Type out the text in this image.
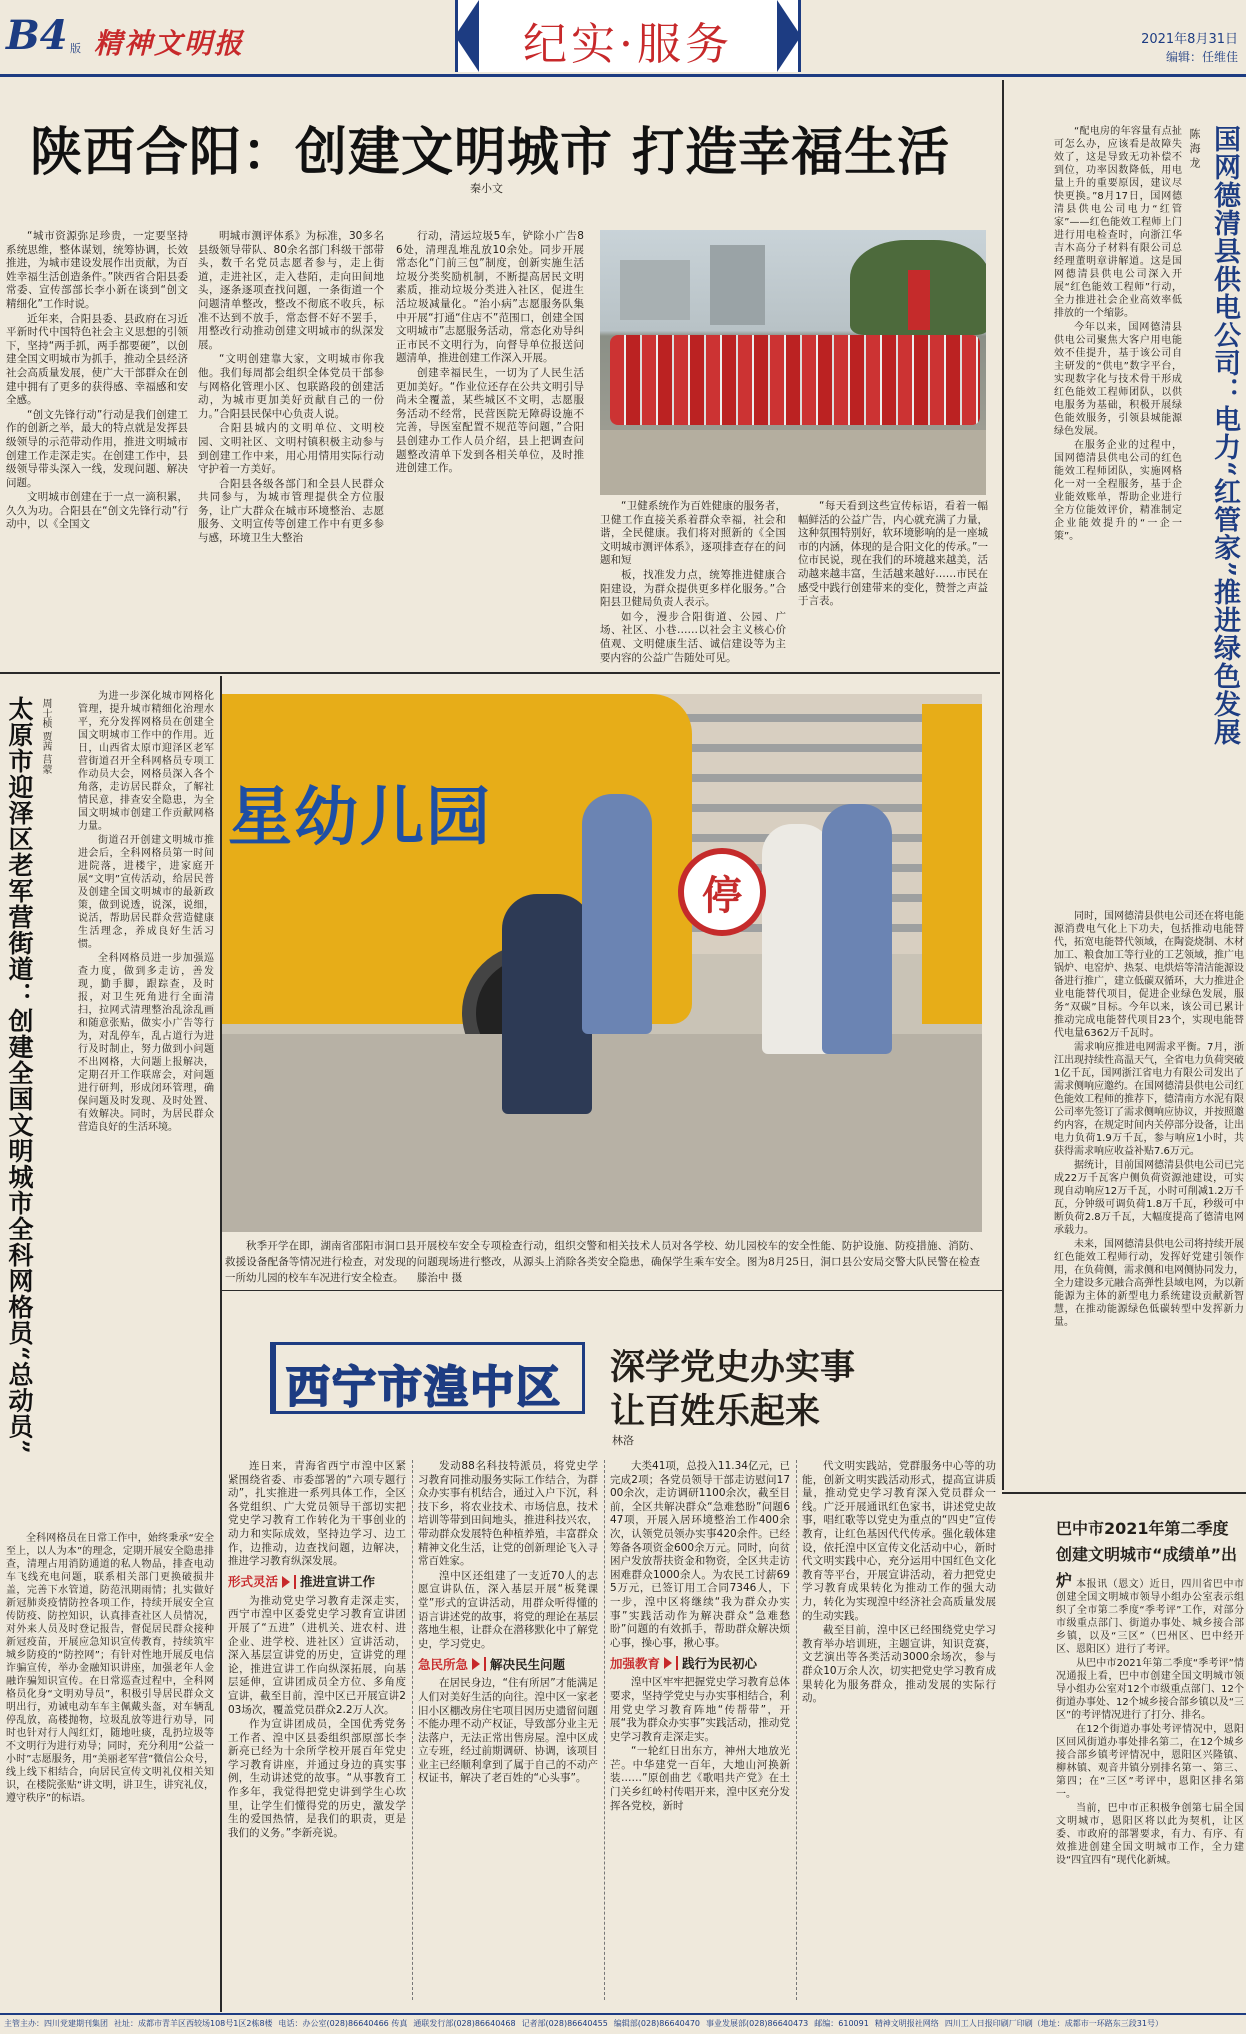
B4 版 精神文明报	纪实·服务	2021年8月31日
编辑：任维佳
陕西合阳：创建文明城市 打造幸福生活
秦小文

“城市资源弥足珍贵，一定要坚持系统思维，整体谋划，统筹协调，长效推进，为城市建设发展作出贡献，为百姓幸福生活创造条件。”陕西省合阳县委常委、宣传部部长李小新在谈到“创文精细化”工作时说。

近年来，合阳县委、县政府在习近平新时代中国特色社会主义思想的引领下，坚持“两手抓，两手都要硬”，以创建全国文明城市为抓手，推动全县经济社会高质量发展，使广大干部群众在创建中拥有了更多的获得感、幸福感和安全感。

“创文先锋行动”行动是我们创建工作的创新之举，最大的特点就是发挥县级领导的示范带动作用，推进文明城市创建工作走深走实。在创建工作中，县级领导带头深入一线，发现问题、解决问题。

文明城市创建在于一点一滴积累，久久为功。合阳县在“创文先锋行动”行动中，以《全国文

明城市测评体系》为标准，30多名县级领导带队、80余名部门科级干部带头，数千名党员志愿者参与，走上街道，走进社区，走入巷陌，走向田间地头，逐条逐项查找问题，一条街道一个问题清单整改，整改不彻底不收兵，标准不达到不放手，常态督不好不罢手，用整改行动推动创建文明城市的纵深发展。

“文明创建靠大家，文明城市你我他。我们每周都会组织全体党员干部参与网格化管理小区、包联路段的创建活动，为城市更加美好贡献自己的一份力。”合阳县民保中心负责人说。

合阳县城内的文明单位、文明校园、文明社区、文明村镇积极主动参与到创建工作中来，用心用情用实际行动守护着一方美好。

合阳县各级各部门和全县人民群众共同参与，为城市管理提供全方位服务，让广大群众在城市环境整治、志愿服务、文明宣传等创建工作中有更多参与感，环境卫生大整治

行动，清运垃圾5车，铲除小广告86处，清理乱堆乱放10余处。同步开展常态化“门前三包”制度，创新实施生活垃圾分类奖励机制，不断提高居民文明素质，推动垃圾分类进入社区，促进生活垃圾减量化。“治小病”志愿服务队集中开展“打通“住店不”范围口，创建全国文明城市”志愿服务活动，常态化劝导纠正市民不文明行为，向督导单位报送问题清单，推进创建工作深入开展。

创建幸福民生，一切为了人民生活更加美好。“作业位还存在公共文明引导尚未全覆盖，某些城区不文明，志愿服务活动不经常，民营医院无障碍设施不完善，导医室配置不规范等问题，”合阳县创建办工作人员介绍，县上把调查问题整改清单下发到各相关单位，及时推进创建工作。

“卫健系统作为百姓健康的服务者，卫健工作直接关系着群众幸福，社会和谐，全民健康。我们将对照新的《全国文明城市测评体系》，逐项排查存在的问题和短

板，找准发力点，统筹推进健康合阳建设，为群众提供更多样化服务。”合阳县卫健局负责人表示。

如今，漫步合阳街道、公园、广场、社区、小巷……以社会主义核心价值观、文明健康生活、诚信建设等为主要内容的公益广告随处可见。

“每天看到这些宣传标语，看着一幅幅鲜活的公益广告，内心就充满了力量，这种氛围特别好，软环境影响的是一座城市的内涵，体现的是合阳文化的传承。”一位市民说，现在我们的环境越来越美，活动越来越丰富，生活越来越好……市民在感受中践行创建带来的变化，赞誉之声益于言表。	国网德清县供电公司：电力“红管家”推进绿色发展
陈 海 龙

“配电房的年容量有点扯可怎么办，应该看是故障失效了，这是导致无功补偿不到位，功率因数降低，用电量上升的重要原因，建议尽快更换。”8月17日，国网德清县供电公司电力“红管家”——红色能效工程师上门进行用电检查时，向浙江华吉木高分子材料有限公司总经理董明章讲解道。这是国网德清县供电公司深入开展“红色能效工程师”行动，全力推进社会企业高效率低排放的一个缩影。

今年以来，国网德清县供电公司聚焦大客户用电能效不佳提升，基于该公司自主研发的“供电”数字平台，实现数字化与技术骨干形成红色能效工程师团队，以供电服务为基础，积极开展绿色能效服务，引领县城能源绿色发展。

在服务企业的过程中，国网德清县供电公司的红色能效工程师团队，实施网格化一对一全程服务，基于企业能效账单，帮助企业进行全方位能效评价，精准制定企业能效提升的“一企一策”。

同时，国网德清县供电公司还在将电能源消费电气化上下功夫，包括推动电能替代，拓宽电能替代领域，在陶瓷烧制、木材加工、粮食加工等行业的工艺领域，推广电锅炉、电窑炉、热泵、电烘焙等清洁能源设备进行推广，建立低碳双循环，大力推进企业电能替代项目，促进企业绿色发展，服务“双碳”目标。今年以来，该公司已累计推动完成电能替代项目23个，实现电能替代电量6362万千瓦时。

需求响应推进电网需求平衡。7月，浙江出现持续性高温天气，全省电力负荷突破1亿千瓦，国网浙江省电力有限公司发出了需求侧响应邀约。在国网德清县供电公司红色能效工程师的推荐下，德清南方水泥有限公司率先签订了需求侧响应协议，并按照邀约内容，在规定时间内关停部分设备，让出电力负荷1.9万千瓦，参与响应1小时，共获得需求响应收益补贴7.6万元。

据统计，目前国网德清县供电公司已完成22万千瓦客户侧负荷资源池建设，可实现自动响应12万千瓦，小时可削减1.2万千瓦，分钟级可调负荷1.8万千瓦，秒级可中断负荷2.8万千瓦，大幅度提高了德清电网承载力。

未来，国网德清县供电公司将持续开展红色能效工程师行动，发挥好党建引领作用，在负荷侧，需求侧和电网侧协同发力，全力建设多元融合高弹性县域电网，为以新能源为主体的新型电力系统建设贡献新智慧，在推动能源绿色低碳转型中发挥新力量。

巴中市2021年第二季度创建文明城市“成绩单”出炉 本报讯（恩文）近日，四川省巴中市创建全国文明城市领导小组办公室表示组织了全市第二季度“季考评”工作，对部分市级重点部门、街道办事处、城乡接合部乡镇，以及“三区”（巴州区、巴中经开区、恩阳区）进行了考评。

从巴中市2021年第二季度“季考评”情况通报上看，巴中市创建全国文明城市领导小组办公室对12个市级重点部门、12个街道办事处、12个城乡接合部乡镇以及“三区”的考评情况进行了打分、排名。

在12个街道办事处考评情况中，恩阳区回风街道办事处排名第二，在12个城乡接合部乡镇考评情况中，恩阳区兴隆镇、柳林镇、观音井镇分别排名第一、第三、第四；在“三区”考评中，恩阳区排名第一。

当前，巴中市正积极争创第七届全国文明城市，恩阳区将以此为契机，让区委、市政府的部署要求，有力、有序、有效推进创建全国文明城市工作，全力建设“四宜四有”现代化新城。

太原市迎泽区老军营街道：创建全国文明城市全科网格员“总动员” 周士桢 贾茜 莒蒙

为进一步深化城市网格化管理，提升城市精细化治理水平，充分发挥网格员在创建全国文明城市工作中的作用。近日，山西省太原市迎泽区老军营街道召开全科网格员专项工作动员大会，网格员深入各个角落，走访居民群众，了解社情民意，排查安全隐患，为全国文明城市创建工作贡献网格力量。

街道召开创建文明城市推进会后，全科网格员第一时间进院落，进楼宇，进家庭开展“文明”宣传活动，给居民普及创建全国文明城市的最新政策，做到说透，说深，说细，说活，帮助居民群众营造健康生活理念，养成良好生活习惯。

全科网格员进一步加强巡查力度，做到多走访，善发现，勤手脚，跟踪查，及时报，对卫生死角进行全面清扫，拉网式清理整治乱涂乱画和随意张贴，做实小广告等行为，对乱停车，乱占道行为进行及时制止，努力做到小问题不出网格，大问题上报解决，定期召开工作联席会，对问题进行研判，形成闭环管理，确保问题及时发现、及时处置、有效解决。同时，为居民群众营造良好的生活环境。

全科网格员在日常工作中，始终秉承“安全至上，以人为本”的理念，定期开展安全隐患排查，清理占用消防通道的私人物品，排查电动车飞线充电问题，联系相关部门更换破损井盖，完善下水管道，防范汛期雨情；扎实做好新冠肺炎疫情防控各项工作，持续开展安全宣传防疫、防控知识，认真排查社区人员情况，对外来人员及时登记报告，督促居民群众接种新冠疫苗，开展应急知识宣传教育，持续筑牢城乡防疫的“防控网”；有针对性地开展反电信诈骗宣传，举办金融知识讲座，加强老年人金融诈骗知识宣传。在日常巡查过程中，全科网格员化身“文明劝导员”，积极引导居民群众文明出行，劝诫电动车车主佩戴头盔，对车辆乱停乱放，高楼抛物，垃圾乱放等进行劝导，同时也针对行人闯红灯，随地吐痰，乱扔垃圾等不文明行为进行劝导；同时，充分利用“公益一小时”志愿服务，用“美丽老军营”微信公众号，线上线下相结合，向居民宣传文明礼仪相关知识，在楼院张贴“讲文明，讲卫生，讲究礼仪，遵守秩序”的标语。

星幼儿园
停
秋季开学在即，湖南省邵阳市洞口县开展校车安全专项检查行动，组织交警和相关技术人员对各学校、幼儿园校车的安全性能、防护设施、防疫措施、消防、救援设备配备等情况进行检查，对发现的问题现场进行整改，从源头上消除各类安全隐患，确保学生乘车安全。图为8月25日，洞口县公安局交警大队民警在检查一所幼儿园的校车车况进行安全检查。 滕治中 摄
西宁市湟中区 深学党史办实事
让百姓乐起来
林洛

连日来，青海省西宁市湟中区紧紧围绕省委、市委部署的“六项专题行动”，扎实推进一系列具体工作，全区各党组织、广大党员领导干部切实把党史学习教育工作转化为干事创业的动力和实际成效，坚持边学习、边工作，边推动，边查找问题，边解决，推进学习教育纵深发展。

形式灵活 推进宣讲工作

为推动党史学习教育走深走实，西宁市湟中区委党史学习教育宣讲团开展了“五进”（进机关、进农村、进企业、进学校、进社区）宣讲活动，深入基层宣讲党的历史，宣讲党的理论，推进宣讲工作向纵深拓展，向基层延伸，宣讲团成员全方位、多角度宣讲，截至目前，湟中区已开展宣讲203场次，覆盖党员群众2.2万人次。

作为宣讲团成员，全国优秀党务工作者、湟中区县委组织部原部长李新亮已经为十余所学校开展百年党史学习教育讲座，并通过身边的真实事例，生动讲述党的故事。“从事教育工作多年，我觉得把党史讲到学生心坎里，让学生们懂得党的历史，激发学生的爱国热情，是我们的职责，更是我们的义务。”李新亮说。

发动88名科技特派员，将党史学习教育同推动服务实际工作结合，为群众办实事有机结合，通过入户下沉，科技下乡，将农业技术、市场信息，技术培训等带到田间地头，推进科技兴农，带动群众发展特色种植养殖，丰富群众精神文化生活，让党的创新理论飞入寻常百姓家。

湟中区还组建了一支近70人的志愿宣讲队伍，深入基层开展“板凳课堂”形式的宣讲活动，用群众听得懂的语言讲述党的故事，将党的理论在基层落地生根，让群众在潜移默化中了解党史，学习党史。

急民所急 解决民生问题

在居民身边，“住有所居”才能满足人们对美好生活的向往。湟中区一家老旧小区棚改房住宅项目因历史遗留问题不能办理不动产权证，导致部分业主无法落户，无法正常出售房屋。湟中区成立专班，经过前期调研、协调，该项目业主已经顺利拿到了属于自己的不动产权证书，解决了老百姓的“心头事”。

大类41项，总投入11.34亿元，已完成2项；各党员领导干部走访慰问1700余次，走访调研1100余次，截至目前，全区共解决群众“急难愁盼”问题647项，开展入居环境整治工作400余次，认领党员领办实事420余件。已经筹备各项资金600余万元。同时，向贫困户发放帮扶资金和物资，全区共走访困难群众1000余人。为农民工讨薪695万元，已签订用工合同7346人，下一步，湟中区将继续“我为群众办实事”实践活动作为解决群众“急难愁盼”问题的有效抓手，帮助群众解决烦心事，操心事，揪心事。

加强教育 践行为民初心

湟中区牢牢把握党史学习教育总体要求，坚持学党史与办实事相结合，利用党史学习教育阵地“传帮带”，开展“我为群众办实事”实践活动，推动党史学习教育走深走实。

“一轮红日出东方，神州大地放光芒。中华建党一百年，大地山河换新装……”原创曲艺《歌唱共产党》在土门关乡红岭村传唱开来，湟中区充分发挥各党校，新时

代文明实践站，党群服务中心等的功能，创新文明实践活动形式，提高宣讲质量，推动党史学习教育深入党员群众一线。广泛开展通讯红色家书，讲述党史故事，唱红歌等以党史为重点的“四史”宣传教育，让红色基因代代传承。强化载体建设，依托湟中区宣传文化活动中心，新时代文明实践中心，充分运用中国红色文化教育等平台，开展宣讲活动，着力把党史学习教育成果转化为推动工作的强大动力，转化为实现湟中经济社会高质量发展的生动实践。

截至目前，湟中区已经围绕党史学习教育举办培训班，主题宣讲，知识竞赛，文艺演出等各类活动3000余场次，参与群众10万余人次，切实把党史学习教育成果转化为服务群众，推动发展的实际行动。

主管主办：四川党建期刊集团 社址：成都市青羊区西较场108号1区2栋8楼 电话：办公室(028)86640466 传真 通联发行部(028)86640468 记者部(028)86640455 编辑部(028)86640470 事业发展部(028)86640473 邮编：610091 精神文明报社网络 四川工人日报印刷厂印刷（地址：成都市一环路东三段31号）
